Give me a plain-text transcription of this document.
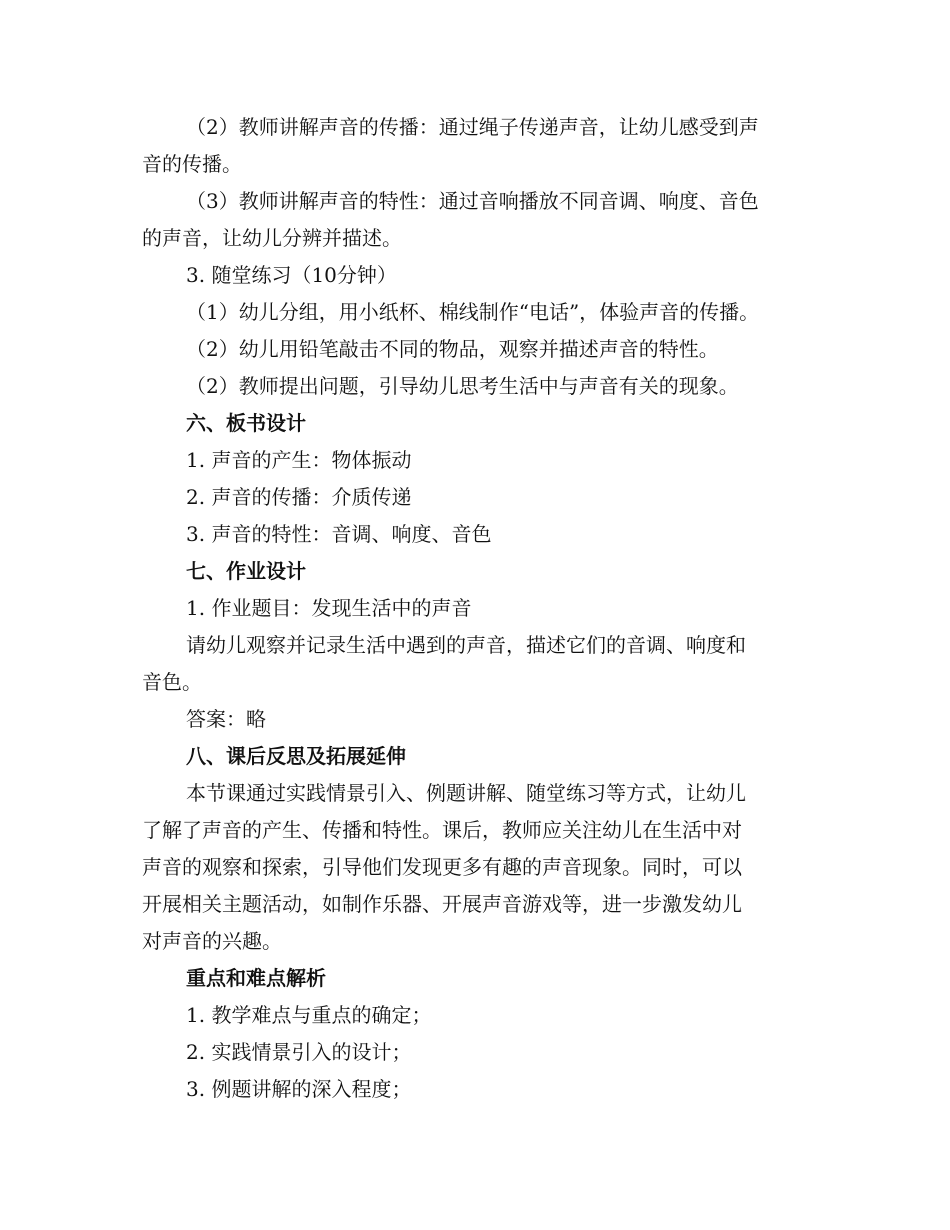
（2）教师讲解声音的传播：通过绳子传递声音，让幼儿感受到声
音的传播。
（3）教师讲解声音的特性：通过音响播放不同音调、响度、音色
的声音，让幼儿分辨并描述。
3. 随堂练习（10分钟）
（1）幼儿分组，用小纸杯、棉线制作“电话”，体验声音的传播。
（2）幼儿用铅笔敲击不同的物品，观察并描述声音的特性。
（2）教师提出问题，引导幼儿思考生活中与声音有关的现象。
六、板书设计
1. 声音的产生：物体振动
2. 声音的传播：介质传递
3. 声音的特性：音调、响度、音色
七、作业设计
1. 作业题目：发现生活中的声音
请幼儿观察并记录生活中遇到的声音，描述它们的音调、响度和
音色。
答案：略
八、课后反思及拓展延伸
本节课通过实践情景引入、例题讲解、随堂练习等方式，让幼儿
了解了声音的产生、传播和特性。课后，教师应关注幼儿在生活中对
声音的观察和探索，引导他们发现更多有趣的声音现象。同时，可以
开展相关主题活动，如制作乐器、开展声音游戏等，进一步激发幼儿
对声音的兴趣。
重点和难点解析
1. 教学难点与重点的确定；
2. 实践情景引入的设计；
3. 例题讲解的深入程度；
